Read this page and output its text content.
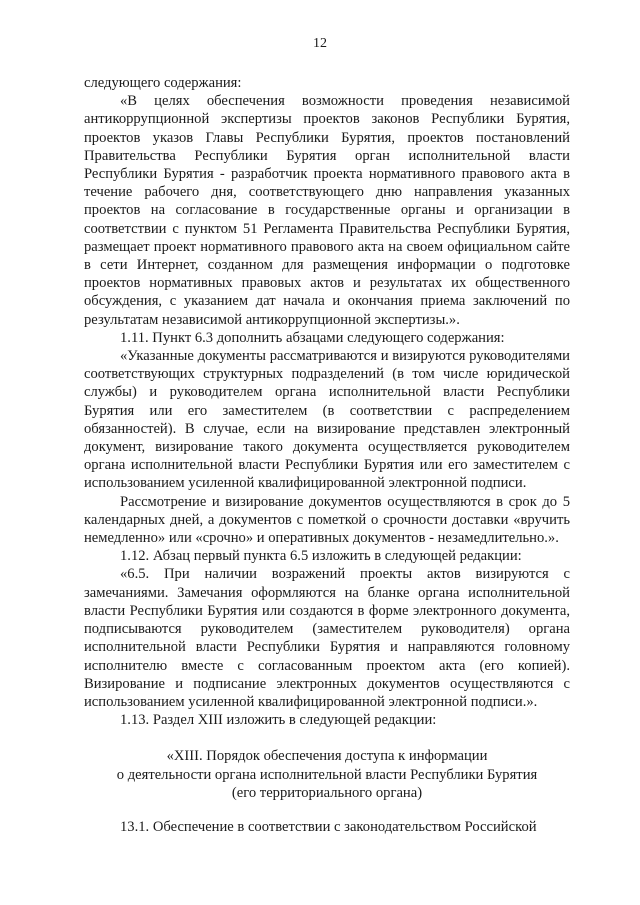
12

следующего содержания:

«В целях обеспечения возможности проведения независимой антикоррупционной экспертизы проектов законов Республики Бурятия, проектов указов Главы Республики Бурятия, проектов постановлений Правительства Республики Бурятия орган исполнительной власти Республики Бурятия - разработчик проекта нормативного правового акта в течение рабочего дня, соответствующего дню направления указанных проектов на согласование в государственные органы и организации в соответствии с пунктом 51 Регламента Правительства Республики Бурятия, размещает проект нормативного правового акта на своем официальном сайте в сети Интернет, созданном для размещения информации о подготовке проектов нормативных правовых актов и результатах их общественного обсуждения, с указанием дат начала и окончания приема заключений по результатам независимой антикоррупционной экспертизы.».

1.11. Пункт 6.3 дополнить абзацами следующего содержания:

«Указанные документы рассматриваются и визируются руководителями соответствующих структурных подразделений (в том числе юридической службы) и руководителем органа исполнительной власти Республики Бурятия или его заместителем (в соответствии с распределением обязанностей). В случае, если на визирование представлен электронный документ, визирование такого документа осуществляется руководителем органа исполнительной власти Республики Бурятия или его заместителем с использованием усиленной квалифицированной электронной подписи.

Рассмотрение и визирование документов осуществляются в срок до 5 календарных дней, а документов с пометкой о срочности доставки «вручить немедленно» или «срочно» и оперативных документов - незамедлительно.».

1.12. Абзац первый пункта 6.5 изложить в следующей редакции:

«6.5. При наличии возражений проекты актов визируются с замечаниями. Замечания оформляются на бланке органа исполнительной власти Республики Бурятия или создаются в форме электронного документа, подписываются руководителем (заместителем руководителя) органа исполнительной власти Республики Бурятия и направляются головному исполнителю вместе с согласованным проектом акта (его копией). Визирование и подписание электронных документов осуществляются с использованием усиленной квалифицированной электронной подписи.».

1.13. Раздел XIII изложить в следующей редакции:

«XIII. Порядок обеспечения доступа к информации
о деятельности органа исполнительной власти Республики Бурятия
(его территориального органа)

13.1. Обеспечение в соответствии с законодательством Российской
